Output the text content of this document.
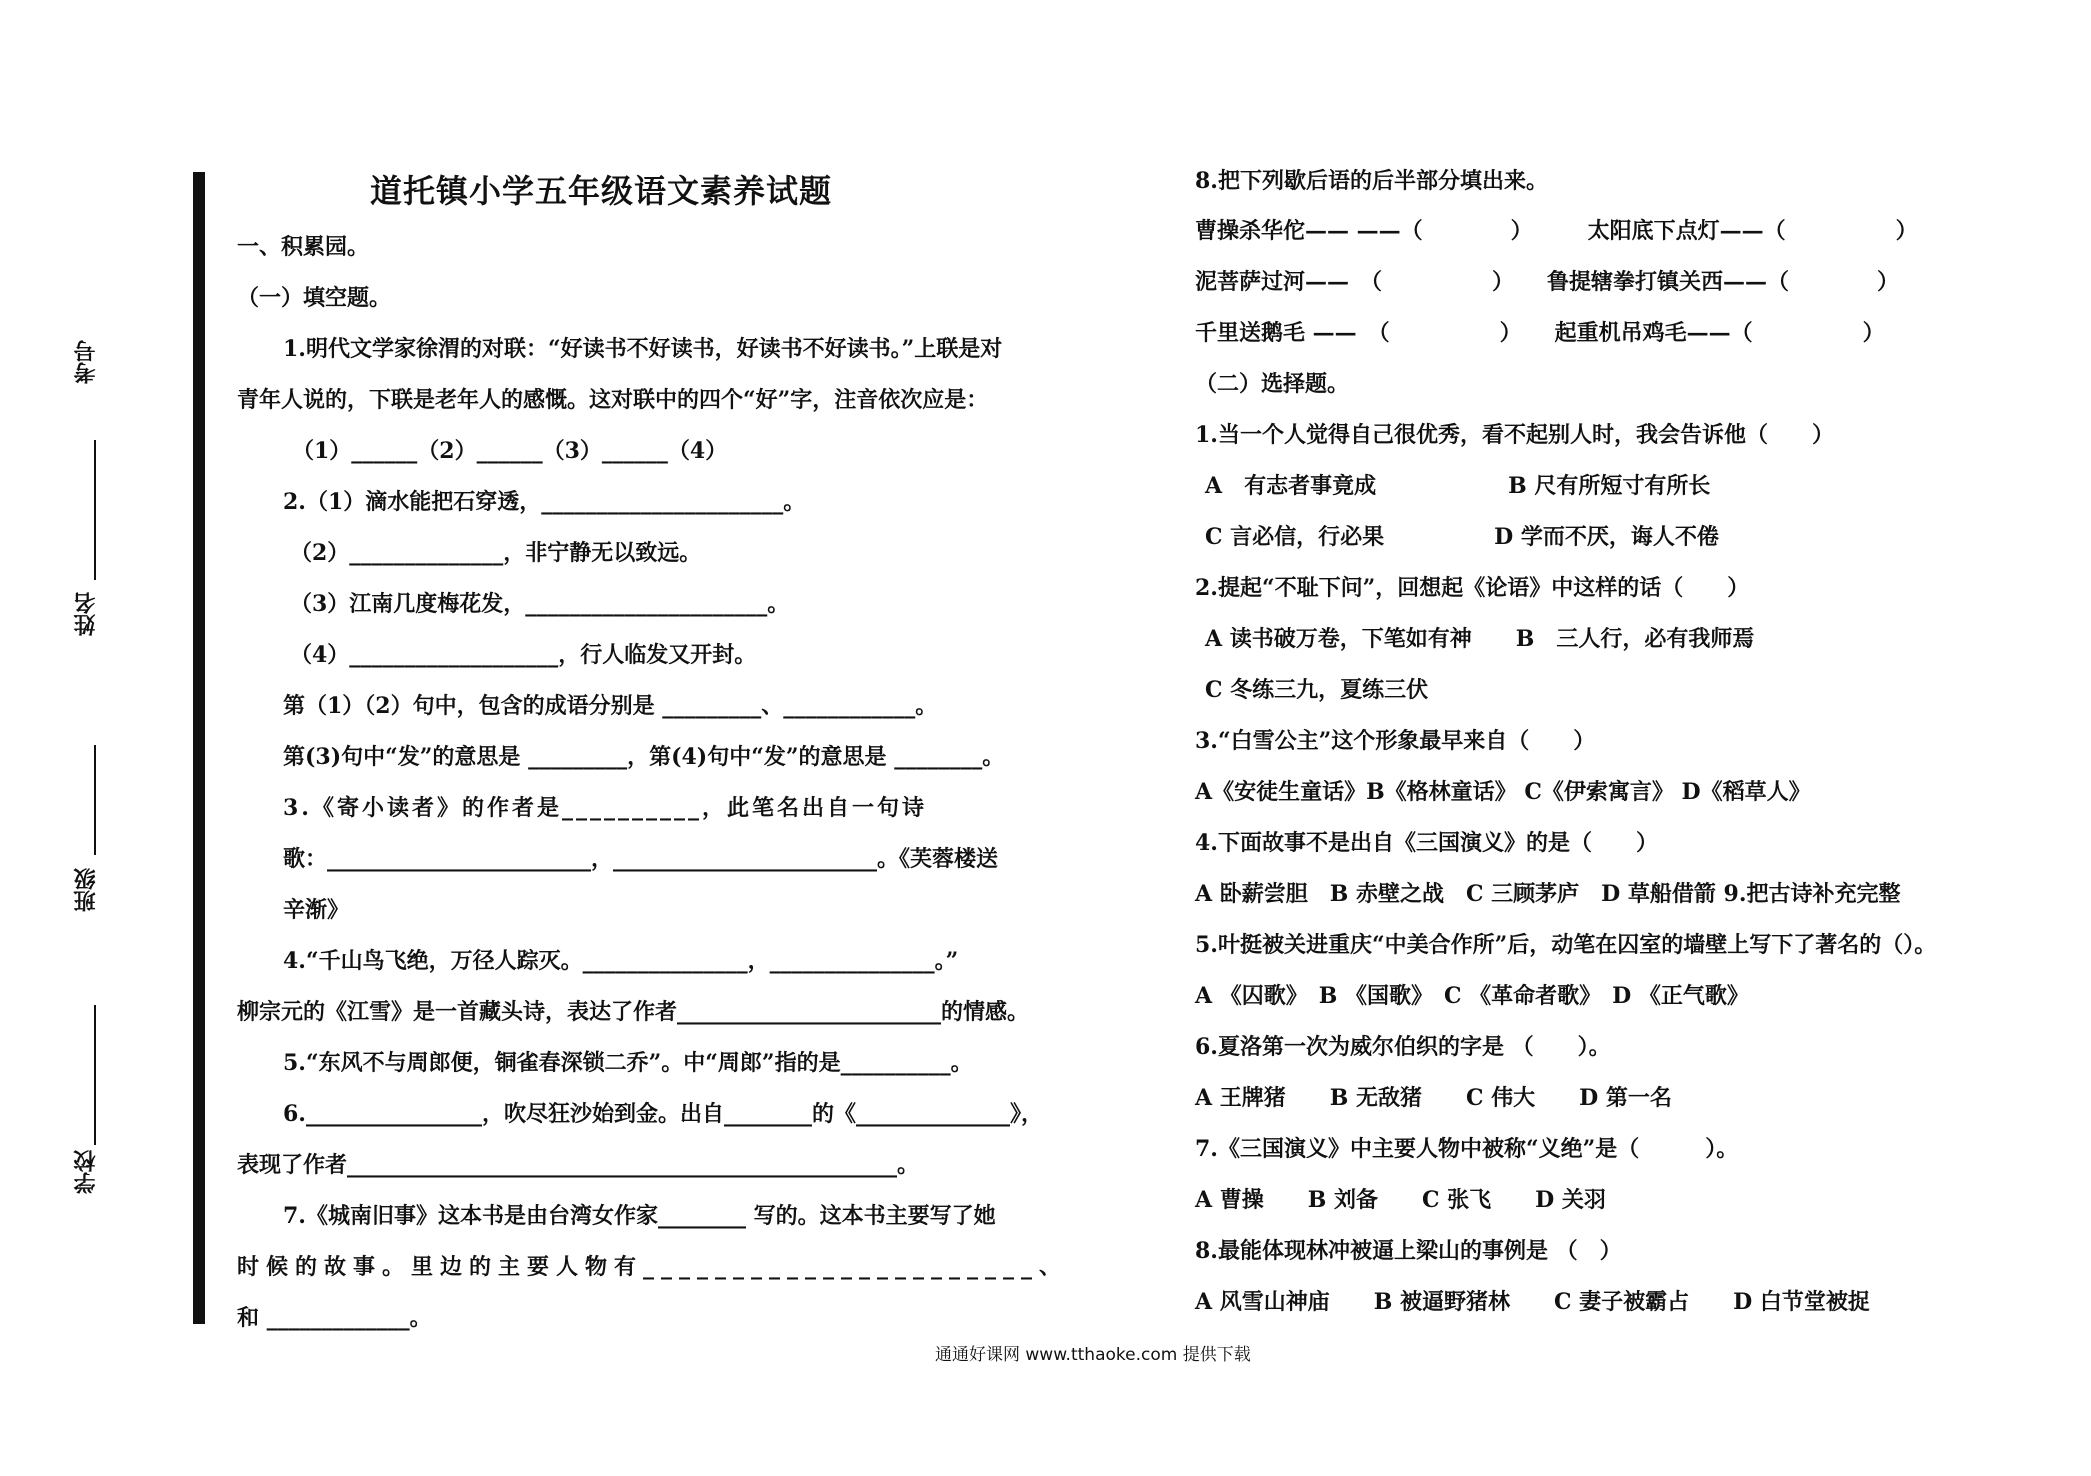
考号
姓名
班级
学校
道托镇小学五年级语文素养试题
一、积累园。
（一）填空题。
1.明代文学家徐渭的对联：“好读书不好读书，好读书不好读书。”上联是对
青年人说的，下联是老年人的感慨。这对联中的四个“好”字，注音依次应是：
（1）______（2）______（3）______（4）
2.（1）滴水能把石穿透，______________________。
（2）______________，非宁静无以致远。
（3）江南几度梅花发，______________________。
（4）___________________，行人临发又开封。
第（1）（2）句中，包含的成语分别是 _________、____________。
第(3)句中“发”的意思是 _________，第(4)句中“发”的意思是 ________。
3.《寄小读者》的作者是__________，此笔名出自一句诗
歌：________________________，________________________。《芙蓉楼送
辛渐》
4.“千山鸟飞绝，万径人踪灭。_______________，_______________。”
柳宗元的《江雪》是一首藏头诗，表达了作者________________________的情感。
5.“东风不与周郎便，铜雀春深锁二乔”。中“周郎”指的是__________。
6.________________，吹尽狂沙始到金。出自________的《______________》，
表现了作者__________________________________________________。
7.《城南旧事》这本书是由台湾女作家________ 写的。这本书主要写了她
时候的故事。里边的主要人物有______________________、
和 _____________。
8.把下列歇后语的后半部分填出来。
曹操杀华佗—— ——（　　　　）　　　太阳底下点灯——（　　　　　）
泥菩萨过河——　（　　　　　）　　鲁提辖拳打镇关西——（　　　　）
千里送鹅毛 ——　（　　　　　）　　起重机吊鸡毛——（　　　　　）
（二）选择题。
1.当一个人觉得自己很优秀，看不起别人时，我会告诉他（　　）
A　有志者事竟成　　　　　　B 尺有所短寸有所长
C 言必信，行必果　　　　　D 学而不厌，诲人不倦
2.提起“不耻下问”，回想起《论语》中这样的话（　　）
A 读书破万卷，下笔如有神　　B　三人行，必有我师焉
C 冬练三九，夏练三伏
3.“白雪公主”这个形象最早来自（　　）
A《安徒生童话》B《格林童话》 C《伊索寓言》 D《稻草人》
4.下面故事不是出自《三国演义》的是（　　）
A 卧薪尝胆　B 赤壁之战　C 三顾茅庐　D 草船借箭 9.把古诗补充完整
5.叶挺被关进重庆“中美合作所”后，动笔在囚室的墙壁上写下了著名的（）。
A 《囚歌》　B 《国歌》　C 《革命者歌》　D 《正气歌》
6.夏洛第一次为威尔伯织的字是 （　　）。
A 王牌猪　　B 无敌猪　　C 伟大　　D 第一名
7.《三国演义》中主要人物中被称“义绝”是（　　　）。
A 曹操　　B 刘备　　C 张飞　　D 关羽
8.最能体现林冲被逼上梁山的事例是 （　）
A 风雪山神庙　　B 被逼野猪林　　C 妻子被霸占　　D 白节堂被捉
通通好课网 www.tthaoke.com 提供下载
